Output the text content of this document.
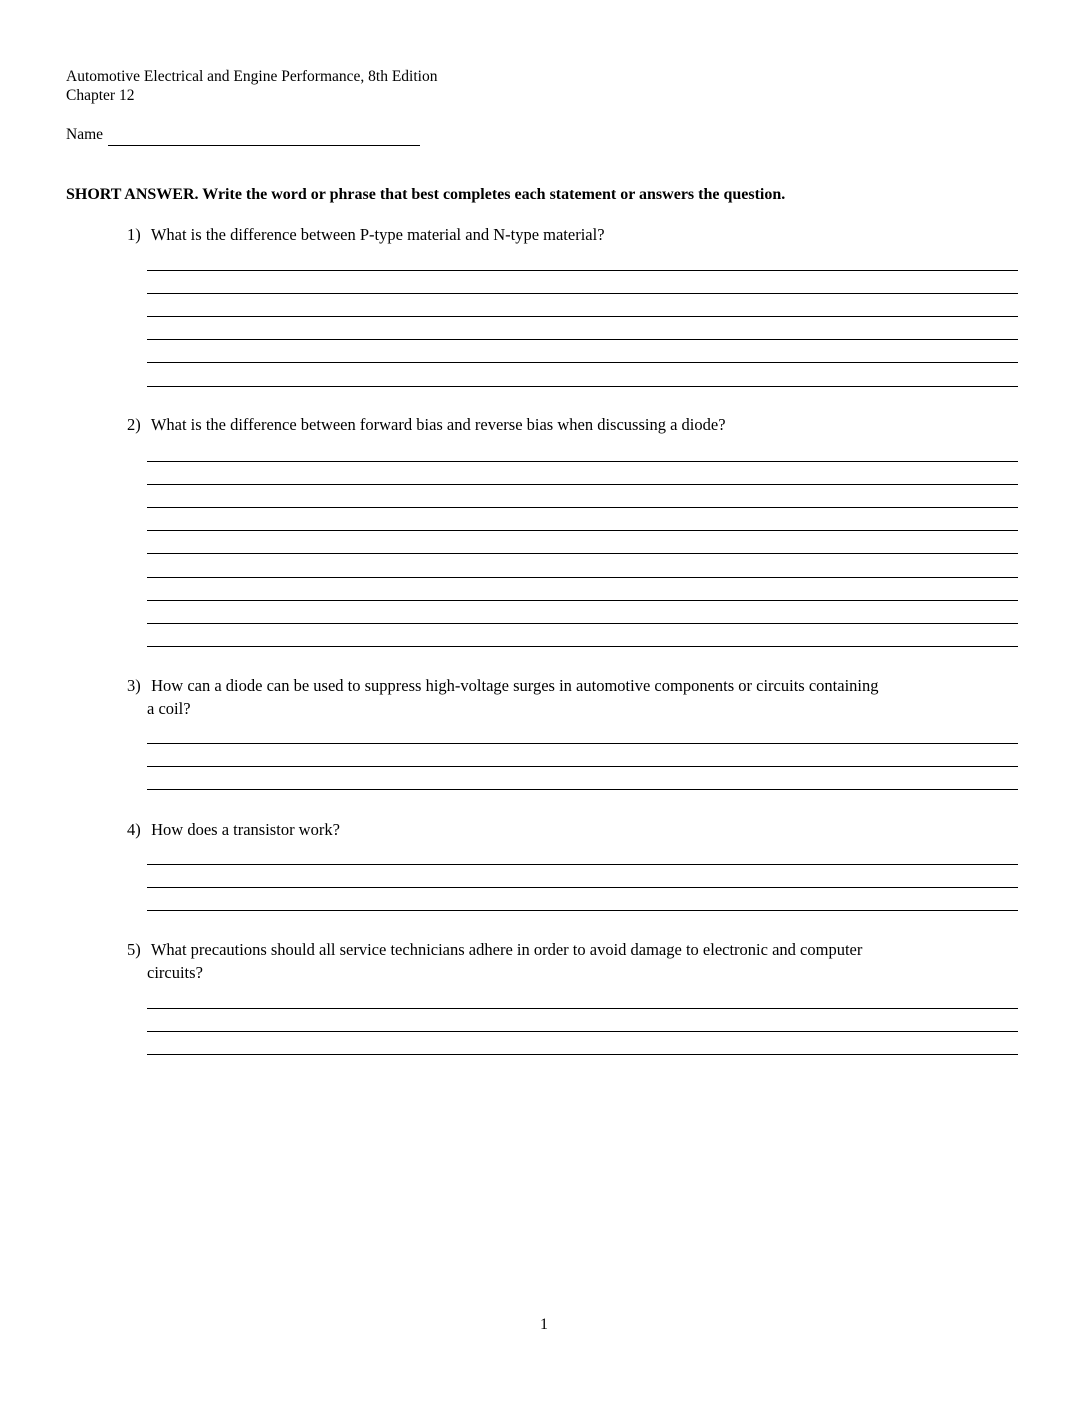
Automotive Electrical and Engine Performance, 8th Edition
Chapter 12
Name
SHORT ANSWER. Write the word or phrase that best completes each statement or answers the question.
1) What is the difference between P-type material and N-type material?
2) What is the difference between forward bias and reverse bias when discussing a diode?
3) How can a diode can be used to suppress high-voltage surges in automotive components or circuits containing
a coil?
4) How does a transistor work?
5) What precautions should all service technicians adhere in order to avoid damage to electronic and computer
circuits?
1
